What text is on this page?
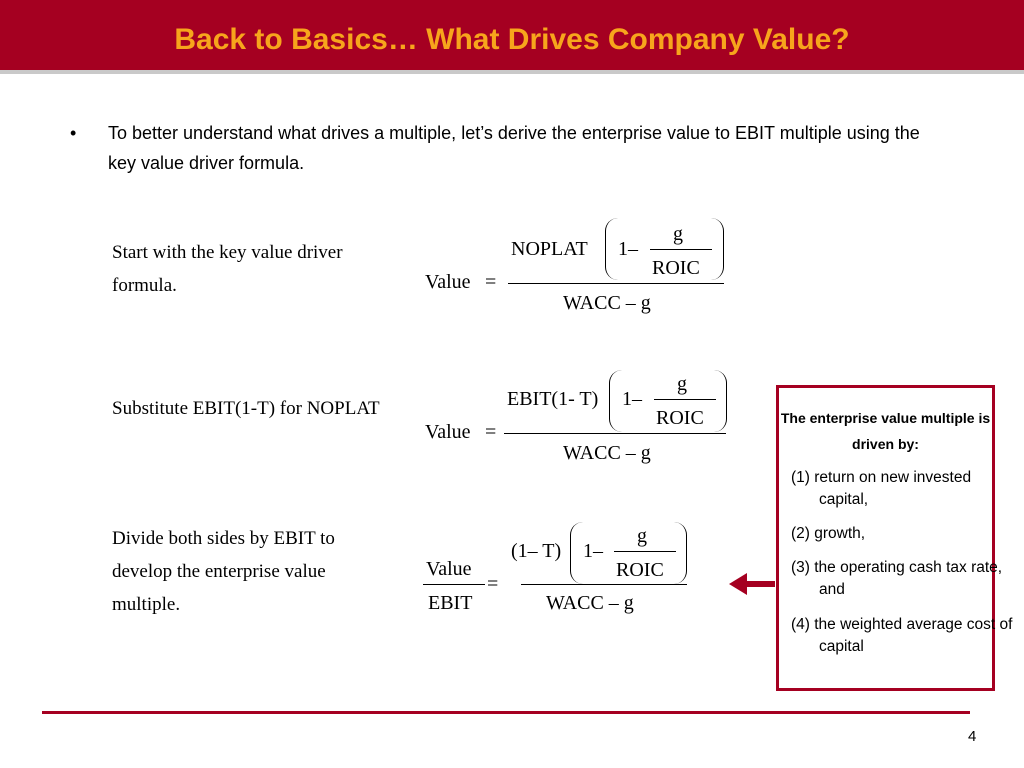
Back to Basics… What Drives Company Value?
• To better understand what drives a multiple, let’s derive the enterprise value to EBIT multiple using the key value driver formula.
Start with the key value driver formula.	Value =
NOPLAT 1–
g
ROIC
WACC – g
Substitute EBIT(1-T) for NOPLAT
Value =
EBIT(1- T) 1–
g
ROIC
WACC – g
Divide both sides by EBIT to develop the enterprise value multiple.
Value
EBIT
=
(1– T) 1–
g
ROIC
WACC – g
The enterprise value multiple is driven by:
(1) return on new invested capital,
(2) growth,
(3) the operating cash tax rate, and
(4) the weighted average cost of capital
4
